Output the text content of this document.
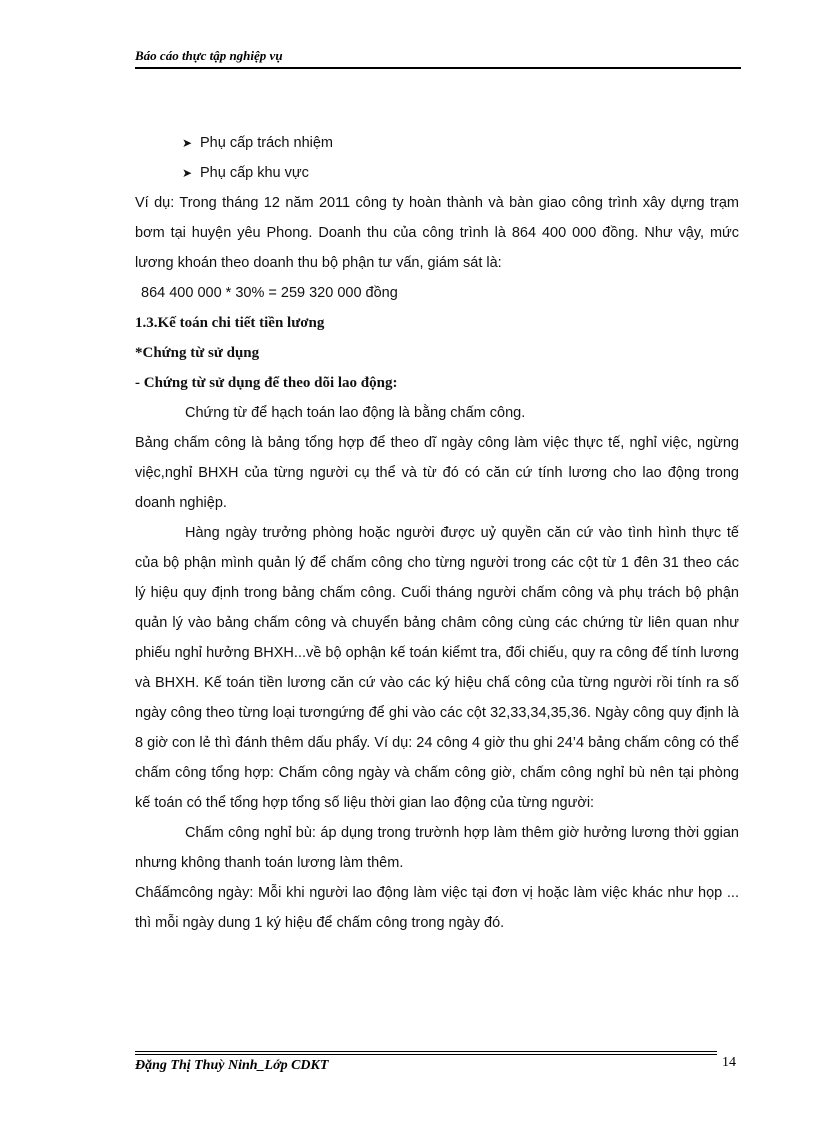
Báo cáo thực tập nghiệp vụ

➤ Phụ cấp trách nhiệm

➤ Phụ cấp khu vực

Ví dụ: Trong tháng 12 năm 2011 công ty hoàn thành và bàn giao công trình xây dựng trạm bơm tại huyện yêu Phong. Doanh thu của công trình là 864 400 000 đồng. Như vậy, mức lương khoán theo doanh thu bộ phận tư vấn, giám sát là:

864 400 000 * 30% = 259 320 000 đồng

1.3.Kế toán chi tiết tiền lương

*Chứng từ sử dụng

- Chứng từ sử dụng để theo dõi lao động:

Chứng từ để hạch toán lao động là bằng chấm công.

Bảng chấm công là bảng tổng hợp để theo dĩ ngày công làm việc thực tế, nghỉ việc, ngừng việc,nghỉ BHXH của từng người cụ thể và từ đó có căn cứ tính lương cho lao động trong doanh nghiệp.

Hàng ngày trưởng phòng hoặc người được uỷ quyền căn cứ vào tình hình thực tế của bộ phận mình quản lý để chấm công cho từng người trong các cột từ 1 đên 31 theo các lý hiệu quy định trong bảng chấm công. Cuối tháng người chấm công và phụ trách bộ phận quản lý vào bảng chấm công và chuyển bảng châm công cùng các chứng từ liên quan như phiếu nghỉ hưởng BHXH...về bộ ophận kế toán kiểmt tra, đối chiếu, quy ra công để tính lương và BHXH. Kế toán tiền lương căn cứ vào các ký hiệu chấ công của từng người rồi tính ra số ngày công theo từng loại tươngứng để ghi vào các cột 32,33,34,35,36. Ngày công quy định là 8 giờ con lẻ thì đánh thêm dấu phẩy. Ví dụ: 24 công 4 giờ thu ghi 24’4 bảng chấm công có thể chấm công tổng hợp: Chấm công ngày và chấm công giờ, chấm công nghỉ bù nên tại phòng kế toán có thể tổng hợp tổng số liệu thời gian lao động của từng người:

Chấm công nghỉ bù: áp dụng trong trườnh hợp làm thêm giờ hưởng lương thời ggian nhưng không thanh toán lương làm thêm.

Chấấmcông ngày: Mỗi khi người lao động làm việc tại đơn vị hoặc làm việc khác như họp ... thì mỗi ngày dung 1 ký hiệu để chấm công trong ngày đó.

Đặng Thị Thuỳ Ninh_Lớp CDKT	14
